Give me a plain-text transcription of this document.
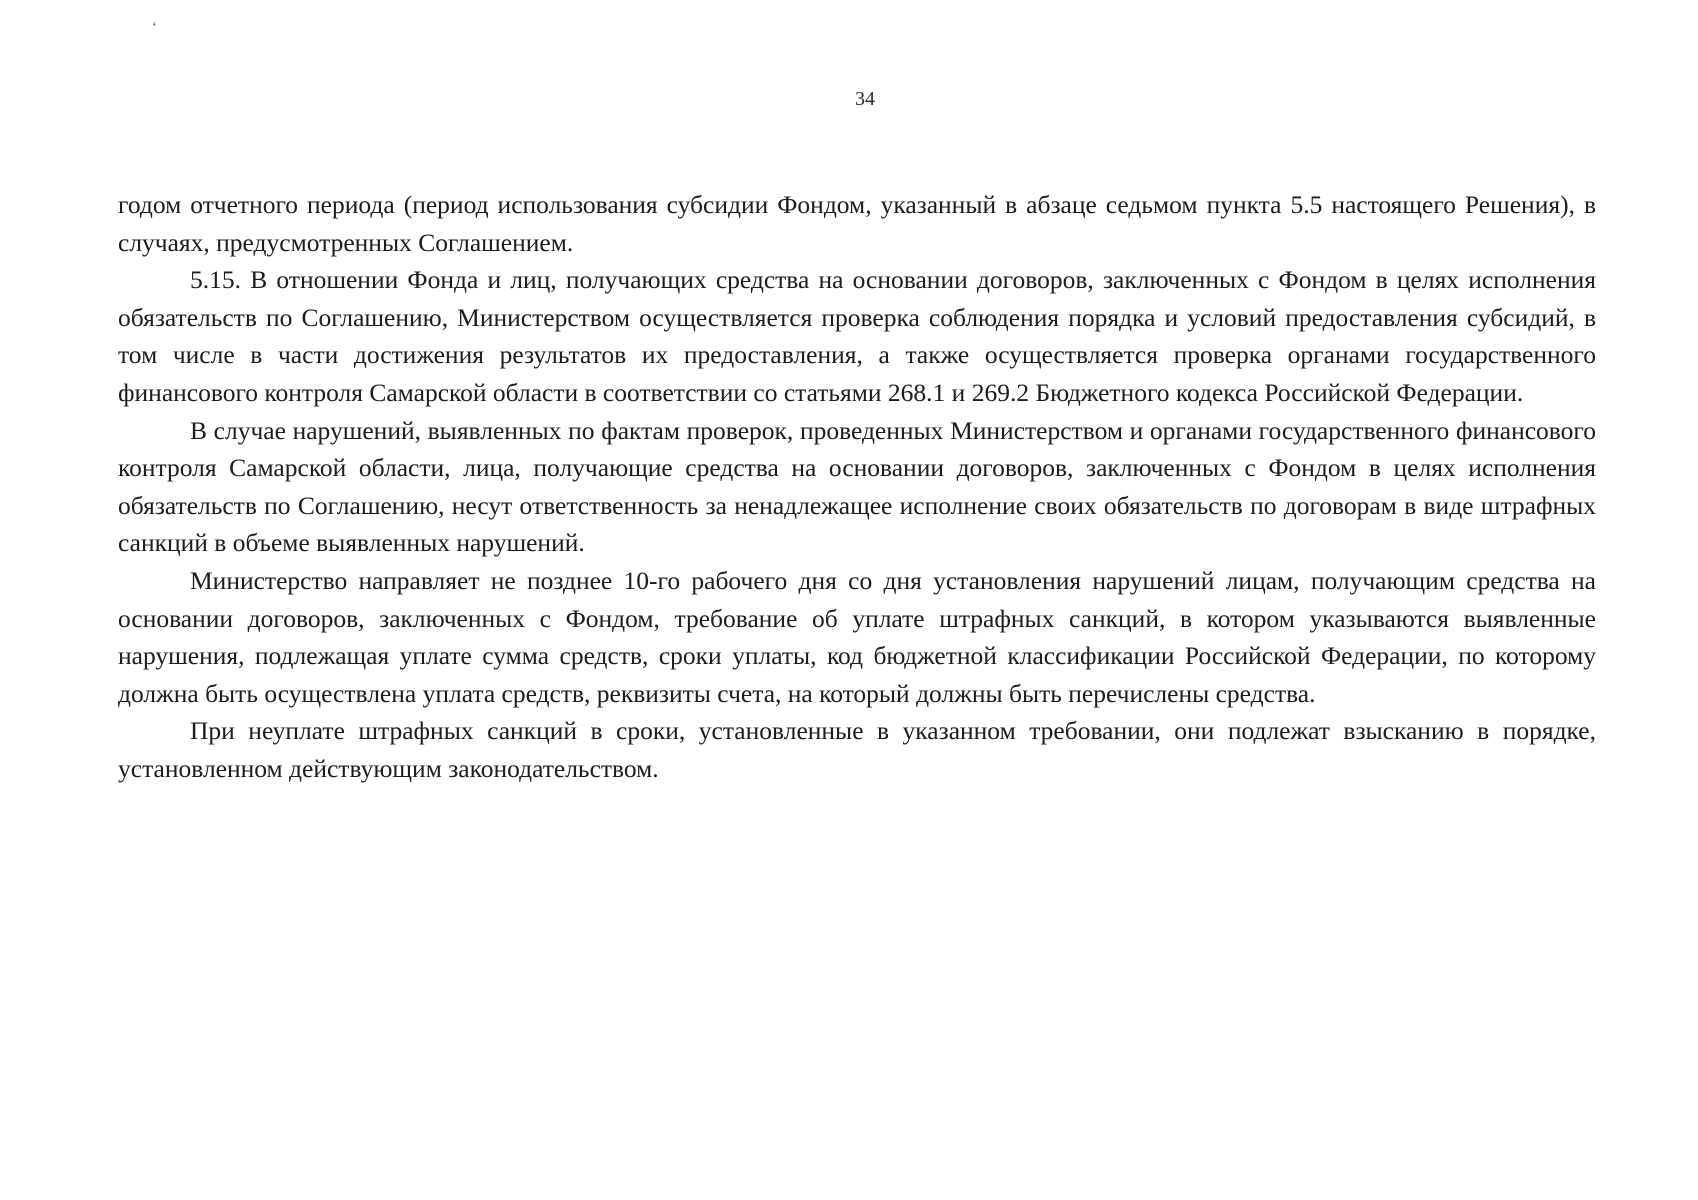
‘
34

годом отчетного периода (период использования субсидии Фондом, указанный в абзаце седьмом пункта 5.5 настоящего Решения), в случаях, предусмотренных Соглашением.

5.15. В отношении Фонда и лиц, получающих средства на основании договоров, заключенных с Фондом в целях исполнения обязательств по Соглашению, Министерством осуществляется проверка соблюдения порядка и условий предоставления субсидий, в том числе в части достижения результатов их предоставления, а также осуществляется проверка органами государственного финансового контроля Самарской области в соответствии со статьями 268.1 и 269.2 Бюджетного кодекса Российской Федерации.

В случае нарушений, выявленных по фактам проверок, проведенных Министерством и органами государственного финансового контроля Самарской области, лица, получающие средства на основании договоров, заключенных с Фондом в целях исполнения обязательств по Соглашению, несут ответственность за ненадлежащее исполнение своих обязательств по договорам в виде штрафных санкций в объеме выявленных нарушений.

Министерство направляет не позднее 10-го рабочего дня со дня установления нарушений лицам, получающим средства на основании договоров, заключенных с Фондом, требование об уплате штрафных санкций, в котором указываются выявленные нарушения, подлежащая уплате сумма средств, сроки уплаты, код бюджетной классификации Российской Федерации, по которому должна быть осуществлена уплата средств, реквизиты счета, на который должны быть перечислены средства.

При неуплате штрафных санкций в сроки, установленные в указанном требовании, они подлежат взысканию в порядке, установленном действующим законодательством.
